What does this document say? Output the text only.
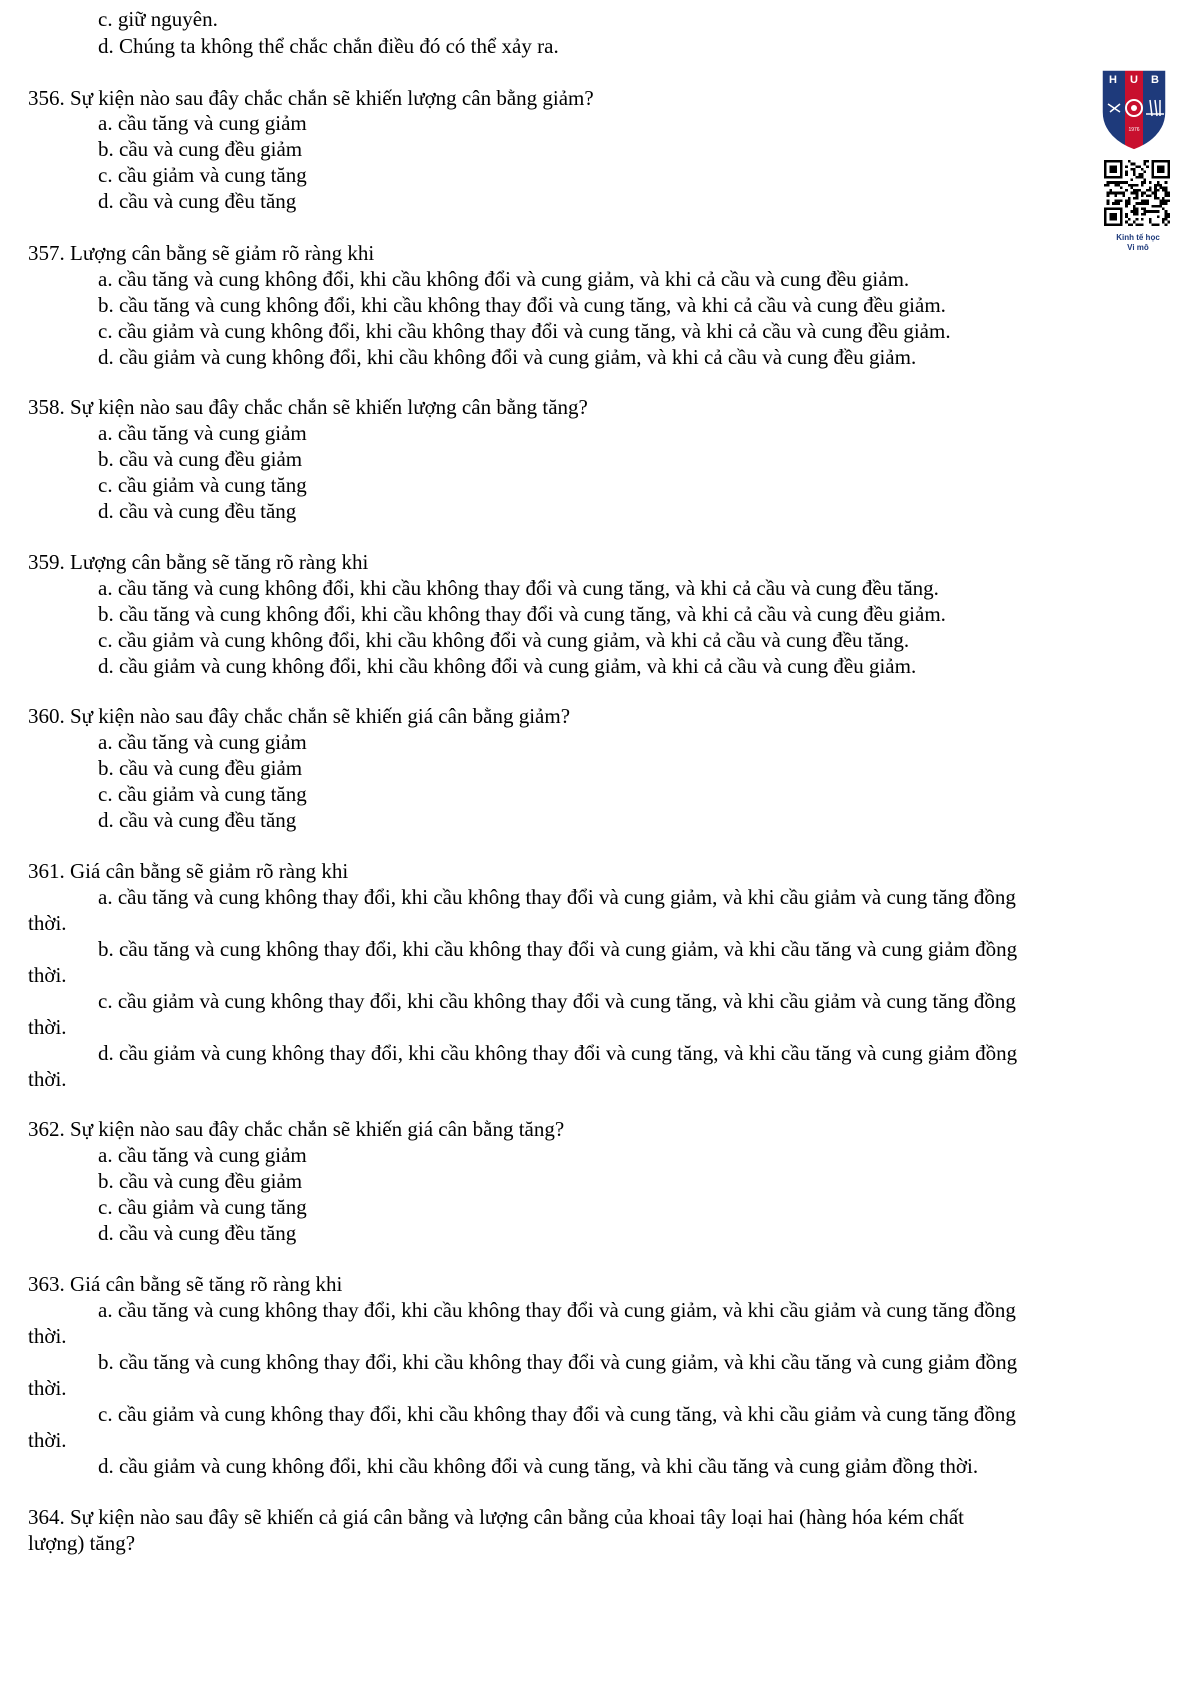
c. giữ nguyên.
d. Chúng ta không thể chắc chắn điều đó có thể xảy ra.
356. Sự kiện nào sau đây chắc chắn sẽ khiến lượng cân bằng giảm?
a. cầu tăng và cung giảm
b. cầu và cung đều giảm
c. cầu giảm và cung tăng
d. cầu và cung đều tăng
357. Lượng cân bằng sẽ giảm rõ ràng khi
a. cầu tăng và cung không đổi, khi cầu không đổi và cung giảm, và khi cả cầu và cung đều giảm.
b. cầu tăng và cung không đổi, khi cầu không thay đổi và cung tăng, và khi cả cầu và cung đều giảm.
c. cầu giảm và cung không đổi, khi cầu không thay đổi và cung tăng, và khi cả cầu và cung đều giảm.
d. cầu giảm và cung không đổi, khi cầu không đổi và cung giảm, và khi cả cầu và cung đều giảm.
358. Sự kiện nào sau đây chắc chắn sẽ khiến lượng cân bằng tăng?
a. cầu tăng và cung giảm
b. cầu và cung đều giảm
c. cầu giảm và cung tăng
d. cầu và cung đều tăng
359. Lượng cân bằng sẽ tăng rõ ràng khi
a. cầu tăng và cung không đổi, khi cầu không thay đổi và cung tăng, và khi cả cầu và cung đều tăng.
b. cầu tăng và cung không đổi, khi cầu không thay đổi và cung tăng, và khi cả cầu và cung đều giảm.
c. cầu giảm và cung không đổi, khi cầu không đổi và cung giảm, và khi cả cầu và cung đều tăng.
d. cầu giảm và cung không đổi, khi cầu không đổi và cung giảm, và khi cả cầu và cung đều giảm.
360. Sự kiện nào sau đây chắc chắn sẽ khiến giá cân bằng giảm?
a. cầu tăng và cung giảm
b. cầu và cung đều giảm
c. cầu giảm và cung tăng
d. cầu và cung đều tăng
361. Giá cân bằng sẽ giảm rõ ràng khi
a. cầu tăng và cung không thay đổi, khi cầu không thay đổi và cung giảm, và khi cầu giảm và cung tăng đồng
thời.
b. cầu tăng và cung không thay đổi, khi cầu không thay đổi và cung giảm, và khi cầu tăng và cung giảm đồng
thời.
c. cầu giảm và cung không thay đổi, khi cầu không thay đổi và cung tăng, và khi cầu giảm và cung tăng đồng
thời.
d. cầu giảm và cung không thay đổi, khi cầu không thay đổi và cung tăng, và khi cầu tăng và cung giảm đồng
thời.
362. Sự kiện nào sau đây chắc chắn sẽ khiến giá cân bằng tăng?
a. cầu tăng và cung giảm
b. cầu và cung đều giảm
c. cầu giảm và cung tăng
d. cầu và cung đều tăng
363. Giá cân bằng sẽ tăng rõ ràng khi
a. cầu tăng và cung không thay đổi, khi cầu không thay đổi và cung giảm, và khi cầu giảm và cung tăng đồng
thời.
b. cầu tăng và cung không thay đổi, khi cầu không thay đổi và cung giảm, và khi cầu tăng và cung giảm đồng
thời.
c. cầu giảm và cung không thay đổi, khi cầu không thay đổi và cung tăng, và khi cầu giảm và cung tăng đồng
thời.
d. cầu giảm và cung không đổi, khi cầu không đổi và cung tăng, và khi cầu tăng và cung giảm đồng thời.
364. Sự kiện nào sau đây sẽ khiến cả giá cân bằng và lượng cân bằng của khoai tây loại hai (hàng hóa kém chất
lượng) tăng?
H U B
1976
Kinh tế học
Vi mô
